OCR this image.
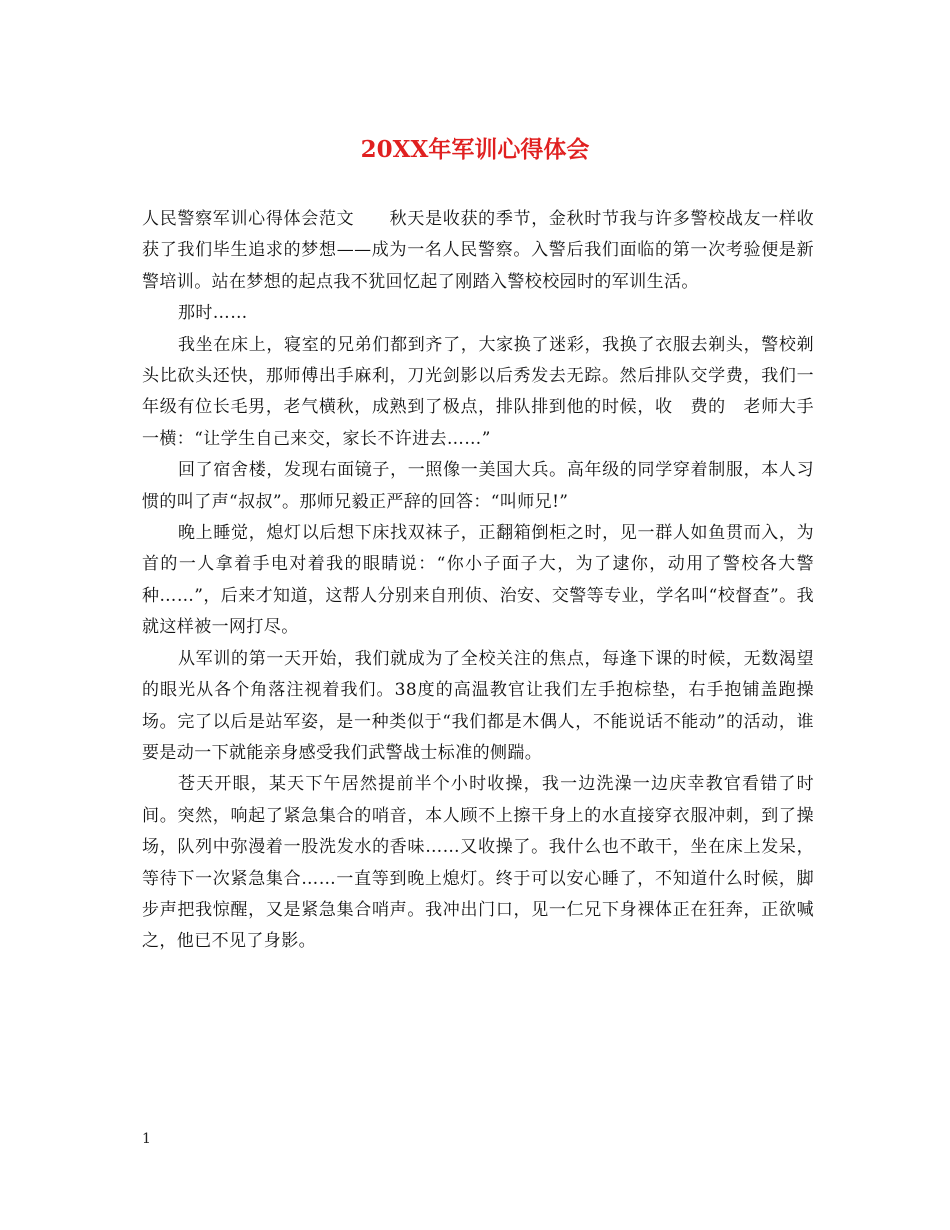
20XX年军训心得体会

人民警察军训心得体会范文　　秋天是收获的季节，金秋时节我与许多警校战友一样收获了我们毕生追求的梦想——成为一名人民警察。入警后我们面临的第一次考验便是新警培训。站在梦想的起点我不犹回忆起了刚踏入警校校园时的军训生活。

那时……

我坐在床上，寝室的兄弟们都到齐了，大家换了迷彩，我换了衣服去剃头，警校剃头比砍头还快，那师傅出手麻利，刀光剑影以后秀发去无踪。然后排队交学费，我们一年级有位长毛男，老气横秋，成熟到了极点，排队排到他的时候，收　费的　老师大手一横：“让学生自己来交，家长不许进去……”

回了宿舍楼，发现右面镜子，一照像一美国大兵。高年级的同学穿着制服，本人习惯的叫了声“叔叔”。那师兄毅正严辞的回答：“叫师兄!”

晚上睡觉，熄灯以后想下床找双袜子，正翻箱倒柜之时，见一群人如鱼贯而入，为首的一人拿着手电对着我的眼睛说：“你小子面子大，为了逮你，动用了警校各大警种……”，后来才知道，这帮人分别来自刑侦、治安、交警等专业，学名叫“校督查”。我就这样被一网打尽。

从军训的第一天开始，我们就成为了全校关注的焦点，每逢下课的时候，无数渴望的眼光从各个角落注视着我们。38度的高温教官让我们左手抱棕垫，右手抱铺盖跑操场。完了以后是站军姿，是一种类似于“我们都是木偶人，不能说话不能动”的活动，谁要是动一下就能亲身感受我们武警战士标准的侧踹。

苍天开眼，某天下午居然提前半个小时收操，我一边洗澡一边庆幸教官看错了时间。突然，响起了紧急集合的哨音，本人顾不上擦干身上的水直接穿衣服冲刺，到了操场，队列中弥漫着一股洗发水的香味……又收操了。我什么也不敢干，坐在床上发呆，等待下一次紧急集合……一直等到晚上熄灯。终于可以安心睡了，不知道什么时候，脚步声把我惊醒，又是紧急集合哨声。我冲出门口，见一仁兄下身裸体正在狂奔，正欲喊之，他已不见了身影。

1
